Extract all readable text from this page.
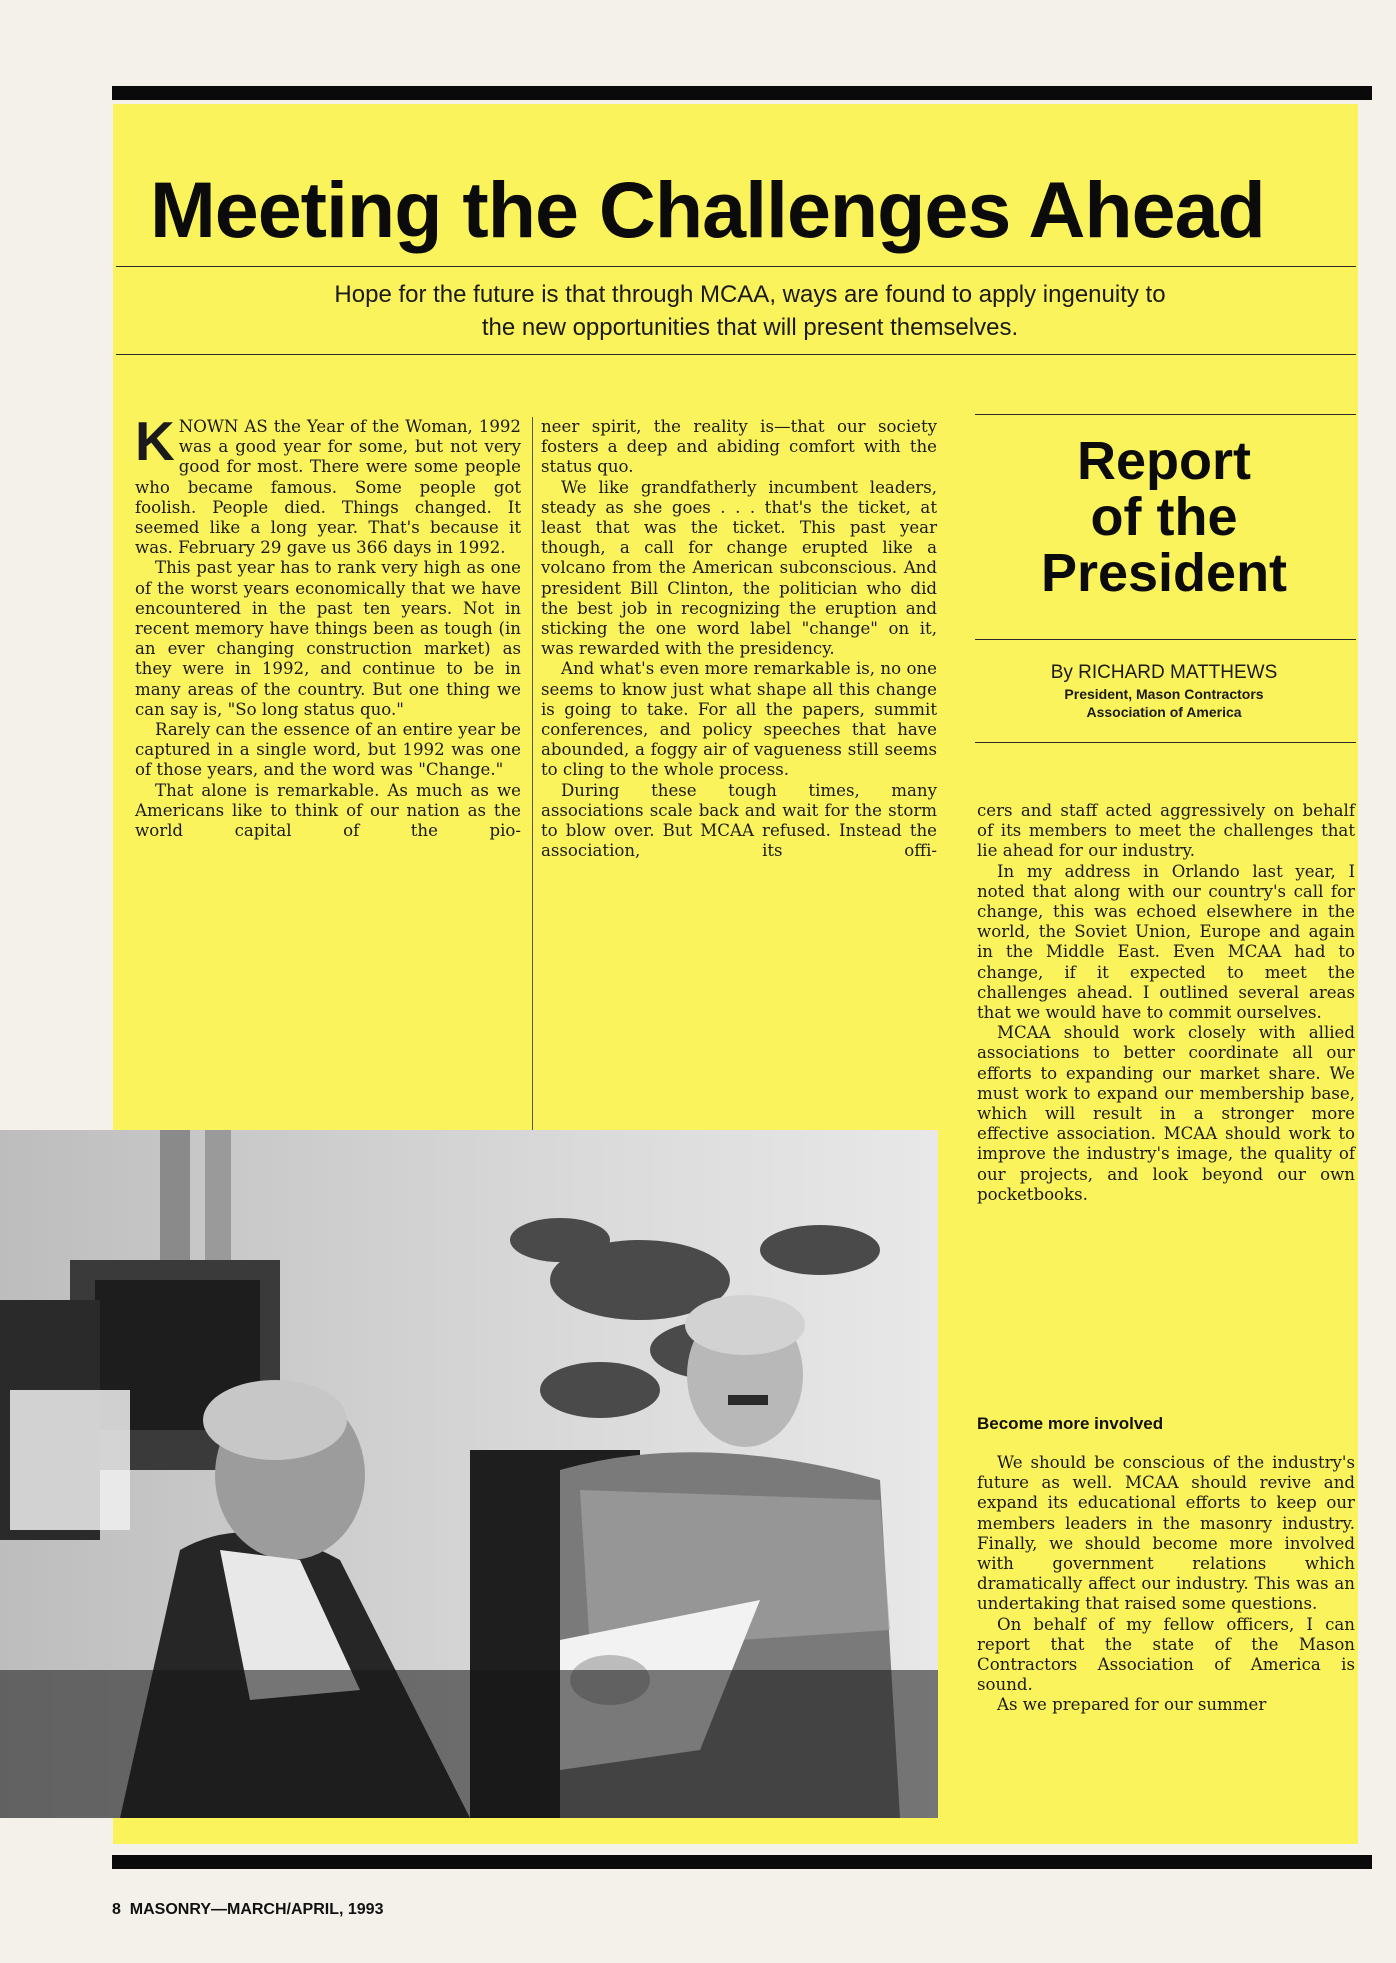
Meeting the Challenges Ahead
Hope for the future is that through MCAA, ways are found to apply ingenuity to
the new opportunities that will present themselves.

KNOWN AS the Year of the Woman, 1992 was a good year for some, but not very good for most. There were some people who became famous. Some people got foolish. People died. Things changed. It seemed like a long year. That's because it was. February 29 gave us 366 days in 1992.

This past year has to rank very high as one of the worst years economically that we have encountered in the past ten years. Not in recent memory have things been as tough (in an ever changing construction market) as they were in 1992, and continue to be in many areas of the country. But one thing we can say is, "So long status quo."

Rarely can the essence of an entire year be captured in a single word, but 1992 was one of those years, and the word was "Change."

That alone is remarkable. As much as we Americans like to think of our nation as the world capital of the pio-

neer spirit, the reality is—that our society fosters a deep and abiding comfort with the status quo.

We like grandfatherly incumbent leaders, steady as she goes . . . that's the ticket, at least that was the ticket. This past year though, a call for change erupted like a volcano from the American subconscious. And president Bill Clinton, the politician who did the best job in recognizing the eruption and sticking the one word label "change" on it, was rewarded with the presidency.

And what's even more remarkable is, no one seems to know just what shape all this change is going to take. For all the papers, summit conferences, and policy speeches that have abounded, a foggy air of vagueness still seems to cling to the whole process.

During these tough times, many associations scale back and wait for the storm to blow over. But MCAA refused. Instead the association, its offi-

Report
of the
President
By RICHARD MATTHEWS
President, Mason Contractors
Association of America

cers and staff acted aggressively on behalf of its members to meet the challenges that lie ahead for our industry.

In my address in Orlando last year, I noted that along with our country's call for change, this was echoed elsewhere in the world, the Soviet Union, Europe and again in the Middle East. Even MCAA had to change, if it expected to meet the challenges ahead. I outlined several areas that we would have to commit ourselves.

MCAA should work closely with allied associations to better coordinate all our efforts to expanding our market share. We must work to expand our membership base, which will result in a stronger more effective association. MCAA should work to improve the industry's image, the quality of our projects, and look beyond our own pocketbooks.

Become more involved

We should be conscious of the industry's future as well. MCAA should revive and expand its educational efforts to keep our members leaders in the masonry industry. Finally, we should become more involved with government relations which dramatically affect our industry. This was an undertaking that raised some questions.

On behalf of my fellow officers, I can report that the state of the Mason Contractors Association of America is sound.

As we prepared for our summer

8 MASONRY—MARCH/APRIL, 1993
